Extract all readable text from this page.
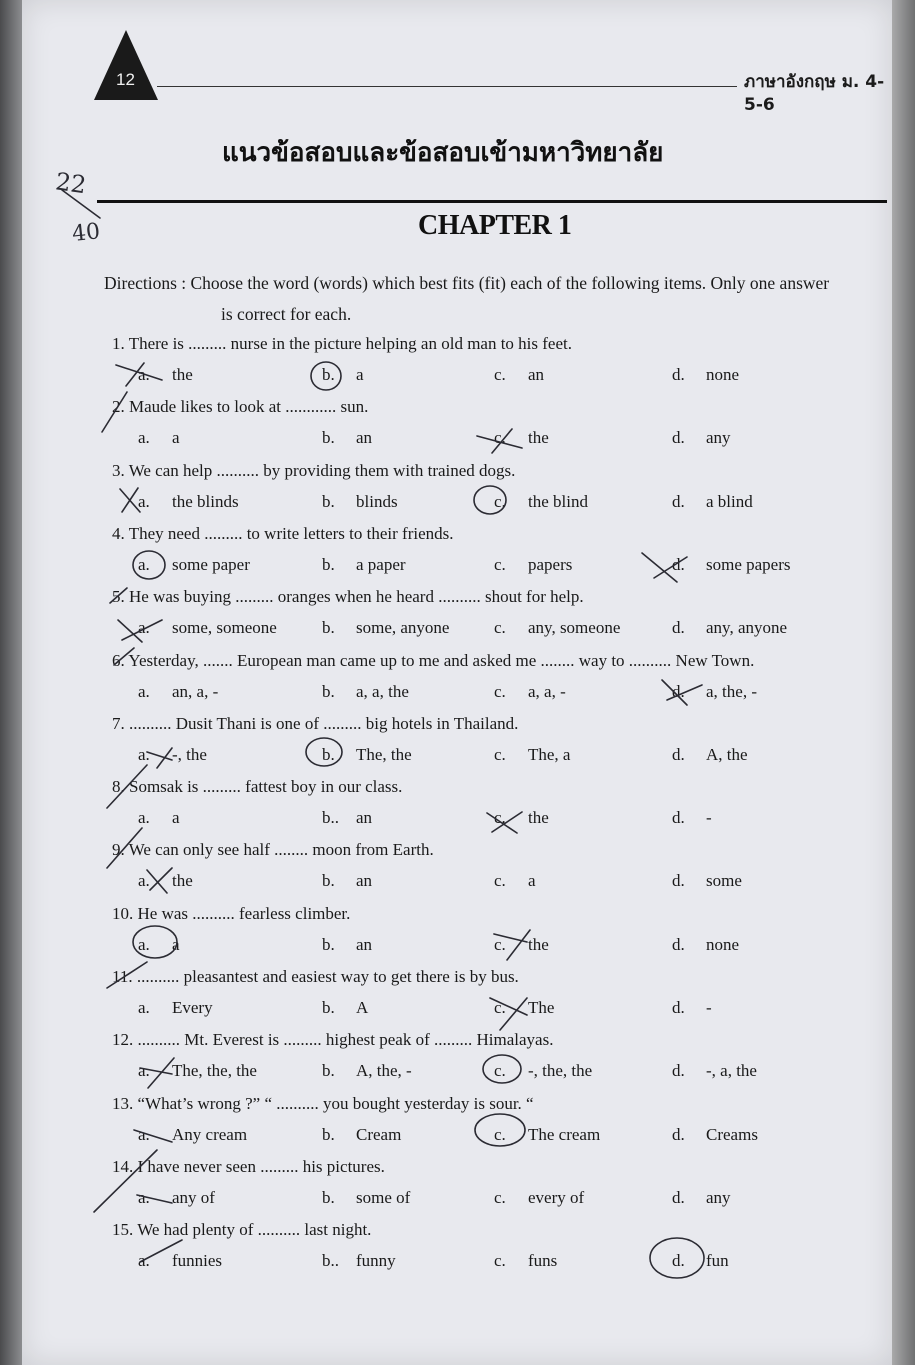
12	ภาษาอังกฤษ ม. 4-5-6
แนวข้อสอบและข้อสอบเข้ามหาวิทยาลัย
CHAPTER 1
Directions : Choose the word (words) which best fits (fit) each of the following items. Only one answer
is correct for each.
1. There is ......... nurse in the picture helping an old man to his feet.
a. the	b. a	c. an	d. none
2. Maude likes to look at ............ sun.
a. a	b. an	c. the	d. any
3. We can help .......... by providing them with trained dogs.
a. the blinds	b. blinds	c. the blind	d. a blind
4. They need ......... to write letters to their friends.
a. some paper	b. a paper	c. papers	d. some papers
5. He was buying ......... oranges when he heard .......... shout for help.
a. some, someone	b. some, anyone	c. any, someone	d. any, anyone
6. Yesterday, ....... European man came up to me and asked me ........ way to .......... New Town.
a. an, a, -	b. a, a, the	c. a, a, -	d. a, the, -
7. .......... Dusit Thani is one of ......... big hotels in Thailand.
a. -, the	b. The, the	c. The, a	d. A, the
8. Somsak is ......... fattest boy in our class.
a. a	b.. an	c. the	d. -
9. We can only see half ........ moon from Earth.
a. the	b. an	c. a	d. some
10. He was .......... fearless climber.
a. a	b. an	c. the	d. none
11. .......... pleasantest and easiest way to get there is by bus.
a. Every	b. A	c. The	d. -
12. .......... Mt. Everest is ......... highest peak of ......... Himalayas.
a. The, the, the	b. A, the, -	c. -, the, the	d. -, a, the
13. “What’s wrong ?” “ .......... you bought yesterday is sour. “
a. Any cream	b. Cream	c. The cream	d. Creams
14. I have never seen ......... his pictures.
a. any of	b. some of	c. every of	d. any
15. We had plenty of .......... last night.
a. funnies	b.. funny	c. funs	d. fun
22
40
